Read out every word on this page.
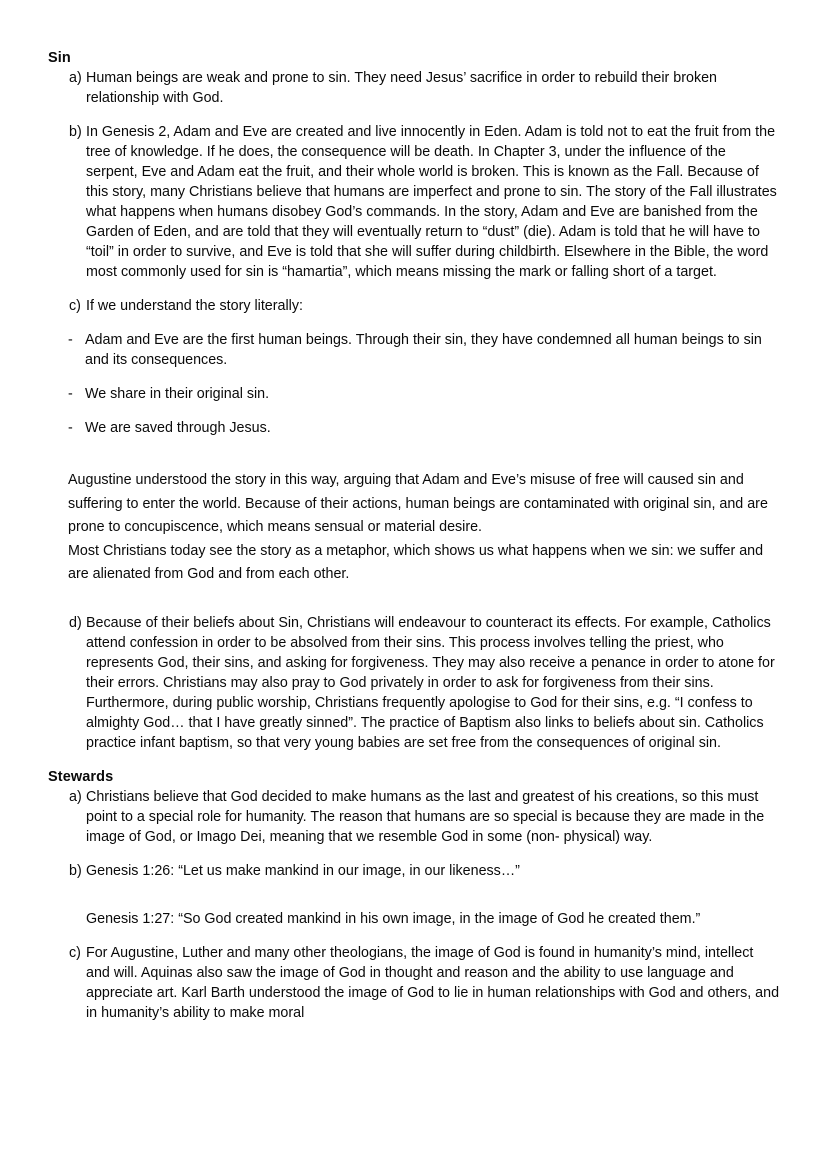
Sin
a) Human beings are weak and prone to sin. They need Jesus’ sacrifice in order to rebuild their broken relationship with God.
b) In Genesis 2, Adam and Eve are created and live innocently in Eden. Adam is told not to eat the fruit from the tree of knowledge. If he does, the consequence will be death. In Chapter 3, under the influence of the serpent, Eve and Adam eat the fruit, and their whole world is broken. This is known as the Fall. Because of this story, many Christians believe that humans are imperfect and prone to sin. The story of the Fall illustrates what happens when humans disobey God’s commands. In the story, Adam and Eve are banished from the Garden of Eden, and are told that they will eventually return to “dust” (die). Adam is told that he will have to “toil” in order to survive, and Eve is told that she will suffer during childbirth. Elsewhere in the Bible, the word most commonly used for sin is “hamartia”, which means missing the mark or falling short of a target.
c) If we understand the story literally:
- Adam and Eve are the first human beings. Through their sin, they have condemned all human beings to sin and its consequences.
- We share in their original sin.
- We are saved through Jesus.

Augustine understood the story in this way, arguing that Adam and Eve’s misuse of free will caused sin and suffering to enter the world. Because of their actions, human beings are contaminated with original sin, and are prone to concupiscence, which means sensual or material desire.

Most Christians today see the story as a metaphor, which shows us what happens when we sin: we suffer and are alienated from God and from each other.

d) Because of their beliefs about Sin, Christians will endeavour to counteract its effects. For example, Catholics attend confession in order to be absolved from their sins. This process involves telling the priest, who represents God, their sins, and asking for forgiveness. They may also receive a penance in order to atone for their errors. Christians may also pray to God privately in order to ask for forgiveness from their sins. Furthermore, during public worship, Christians frequently apologise to God for their sins, e.g. “I confess to almighty God… that I have greatly sinned”. The practice of Baptism also links to beliefs about sin. Catholics practice infant baptism, so that very young babies are set free from the consequences of original sin.
Stewards
a) Christians believe that God decided to make humans as the last and greatest of his creations, so this must point to a special role for humanity. The reason that humans are so special is because they are made in the image of God, or Imago Dei, meaning that we resemble God in some (non- physical) way.
b) Genesis 1:26: “Let us make mankind in our image, in our likeness…”

Genesis 1:27: “So God created mankind in his own image, in the image of God he created them.”

c) For Augustine, Luther and many other theologians, the image of God is found in humanity’s mind, intellect and will. Aquinas also saw the image of God in thought and reason and the ability to use language and appreciate art. Karl Barth understood the image of God to lie in human relationships with God and others, and in humanity’s ability to make moral
